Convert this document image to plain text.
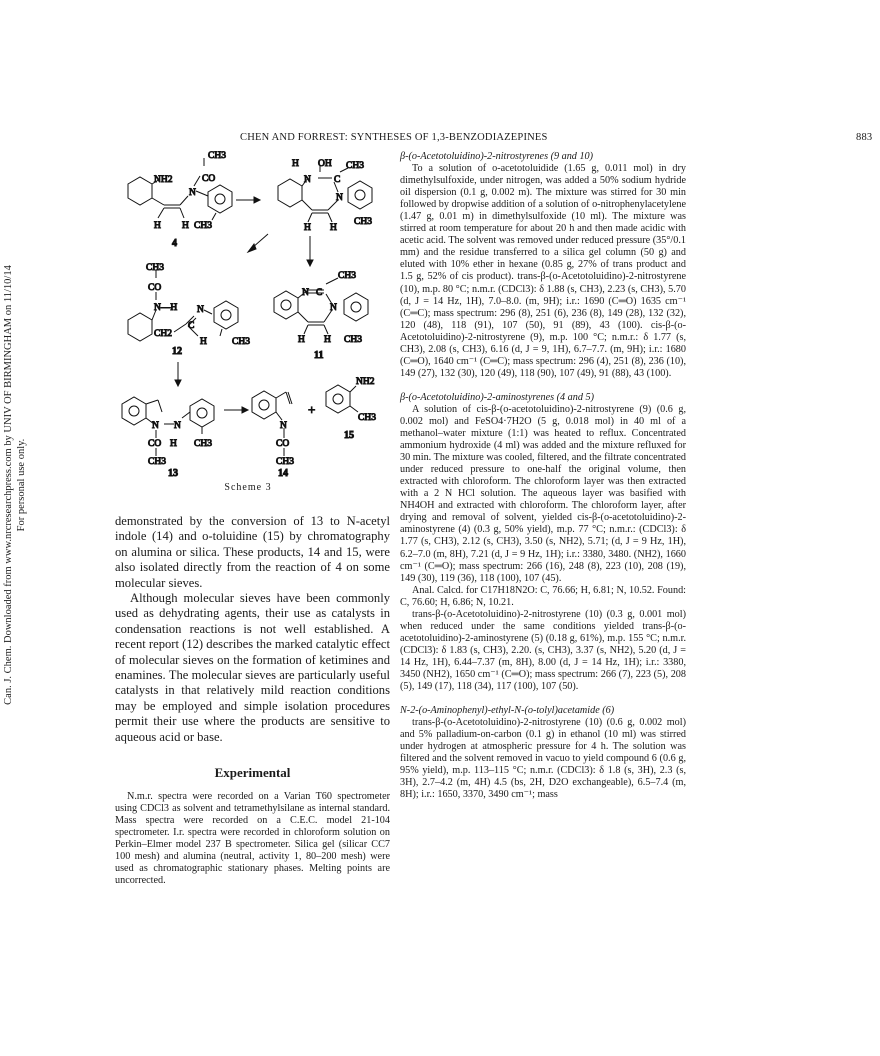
Can. J. Chem. Downloaded from www.nrcresearchpress.com by UNIV OF BIRMINGHAM on 11/10/14 For personal use only.
CHEN AND FORREST: SYNTHESES OF 1,3-BENZODIAZEPINES	883
CH3
CO
NH2
N
H H CH3
4
H OH
N C
CH3
N
H H
CH3
CH3
CO
N—H
CH2
C
N
H	CH3
12
N C
CH3
N
H H CH3
11
N N
CO H CH3
CH3
13
N
CO
CH3
14
+
NH2
CH3
15
Scheme 3

demonstrated by the conversion of 13 to N-acetyl indole (14) and o-toluidine (15) by chromatography on alumina or silica. These products, 14 and 15, were also isolated directly from the reaction of 4 on some molecular sieves.

Although molecular sieves have been commonly used as dehydrating agents, their use as catalysts in condensation reactions is not well established. A recent report (12) describes the marked catalytic effect of molecular sieves on the formation of ketimines and enamines. The molecular sieves are particularly useful catalysts in that relatively mild reaction conditions may be employed and simple isolation procedures permit their use where the products are sensitive to aqueous acid or base.

Experimental

N.m.r. spectra were recorded on a Varian T60 spectrometer using CDCl3 as solvent and tetramethylsilane as internal standard. Mass spectra were recorded on a C.E.C. model 21-104 spectrometer. I.r. spectra were recorded in chloroform solution on Perkin–Elmer model 237 B spectrometer. Silica gel (silicar CC7 100 mesh) and alumina (neutral, activity 1, 80–200 mesh) were used as chromatographic stationary phases. Melting points are uncorrected.

β-(o-Acetotoluidino)-2-nitrostyrenes (9 and 10)

To a solution of o-acetotoluidide (1.65 g, 0.011 mol) in dry dimethylsulfoxide, under nitrogen, was added a 50% sodium hydride oil dispersion (0.1 g, 0.002 m). The mixture was stirred for 30 min followed by dropwise addition of a solution of o-nitrophenylacetylene (1.47 g, 0.01 m) in dimethylsulfoxide (10 ml). The mixture was stirred at room temperature for about 20 h and then made acidic with acetic acid. The solvent was removed under reduced pressure (35°/0.1 mm) and the residue transferred to a silica gel column (50 g) and eluted with 10% ether in hexane (0.85 g, 27% of trans product and 1.5 g, 52% of cis product). trans-β-(o-Acetotoluidino)-2-nitrostyrene (10), m.p. 80 °C; n.m.r. (CDCl3): δ 1.88 (s, CH3), 2.23 (s, CH3), 5.70 (d, J = 14 Hz, 1H), 7.0–8.0. (m, 9H); i.r.: 1690 (C═O) 1635 cm⁻¹ (C═C); mass spectrum: 296 (8), 251 (6), 236 (8), 149 (28), 132 (32), 120 (48), 118 (91), 107 (50), 91 (89), 43 (100). cis-β-(o-Acetotoluidino)-2-nitrostyrene (9), m.p. 100 °C; n.m.r.: δ 1.77 (s, CH3), 2.08 (s, CH3), 6.16 (d, J = 9, 1H), 6.7–7.7. (m, 9H); i.r.: 1680 (C═O), 1640 cm⁻¹ (C═C); mass spectrum: 296 (4), 251 (8), 236 (10), 149 (27), 132 (30), 120 (49), 118 (90), 107 (49), 91 (88), 43 (100).

β-(o-Acetotoluidino)-2-aminostyrenes (4 and 5)

A solution of cis-β-(o-acetotoluidino)-2-nitrostyrene (9) (0.6 g, 0.002 mol) and FeSO4·7H2O (5 g, 0.018 mol) in 40 ml of a methanol–water mixture (1:1) was heated to reflux. Concentrated ammonium hydroxide (4 ml) was added and the mixture refluxed for 30 min. The mixture was cooled, filtered, and the filtrate concentrated under reduced pressure to one-half the original volume, then extracted with chloroform. The chloroform layer was then extracted with a 2 N HCl solution. The aqueous layer was basified with NH4OH and extracted with chloroform. The chloroform layer, after drying and removal of solvent, yielded cis-β-(o-acetotoluidino)-2-aminostyrene (4) (0.3 g, 50% yield), m.p. 77 °C; n.m.r.: (CDCl3): δ 1.77 (s, CH3), 2.12 (s, CH3), 3.50 (s, NH2), 5.71; (d, J = 9 Hz, 1H), 6.2–7.0 (m, 8H), 7.21 (d, J = 9 Hz, 1H); i.r.: 3380, 3480. (NH2), 1660 cm⁻¹ (C═O); mass spectrum: 266 (16), 248 (8), 223 (10), 208 (19), 149 (30), 119 (36), 118 (100), 107 (45).

Anal. Calcd. for C17H18N2O: C, 76.66; H, 6.81; N, 10.52. Found: C, 76.60; H, 6.86; N, 10.21.

trans-β-(o-Acetotoluidino)-2-nitrostyrene (10) (0.3 g, 0.001 mol) when reduced under the same conditions yielded trans-β-(o-acetotoluidino)-2-aminostyrene (5) (0.18 g, 61%), m.p. 155 °C; n.m.r. (CDCl3): δ 1.83 (s, CH3), 2.20. (s, CH3), 3.37 (s, NH2), 5.20 (d, J = 14 Hz, 1H), 6.44–7.37 (m, 8H), 8.00 (d, J = 14 Hz, 1H); i.r.: 3380, 3450 (NH2), 1650 cm⁻¹ (C═O); mass spectrum: 266 (7), 223 (5), 208 (5), 149 (17), 118 (34), 117 (100), 107 (50).

N-2-(o-Aminophenyl)-ethyl-N-(o-tolyl)acetamide (6)

trans-β-(o-Acetotoluidino)-2-nitrostyrene (10) (0.6 g, 0.002 mol) and 5% palladium-on-carbon (0.1 g) in ethanol (10 ml) was stirred under hydrogen at atmospheric pressure for 4 h. The solution was filtered and the solvent removed in vacuo to yield compound 6 (0.6 g, 95% yield), m.p. 113–115 °C; n.m.r. (CDCl3): δ 1.8 (s, 3H), 2.3 (s, 3H), 2.7–4.2 (m, 4H) 4.5 (bs, 2H, D2O exchangeable), 6.5–7.4 (m, 8H); i.r.: 1650, 3370, 3490 cm⁻¹; mass
